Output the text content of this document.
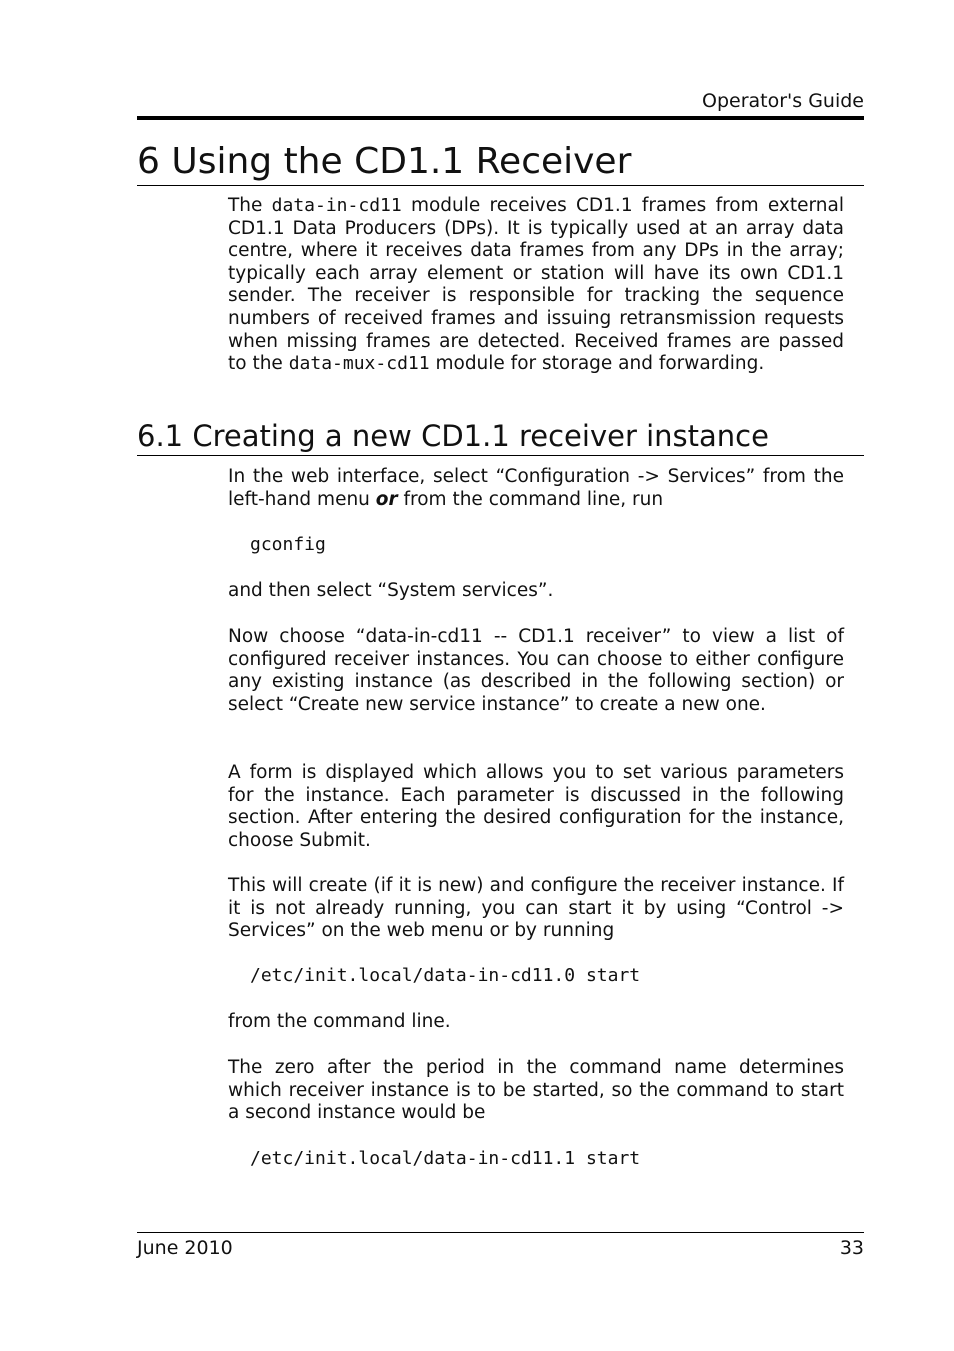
Operator's Guide
6 Using the CD1.1 Receiver

The data-in-cd11 module receives CD1.1 frames from external CD1.1 Data Producers (DPs). It is typically used at an array data centre, where it receives data frames from any DPs in the array; typically each array element or station will have its own CD1.1 sender. The receiver is responsible for tracking the sequence numbers of received frames and issuing retransmission requests when missing frames are detected. Received frames are passed to the data-mux-cd11 module for storage and forwarding.

6.1 Creating a new CD1.1 receiver instance

In the web interface, select “Configuration -> Services” from the left-hand menu or from the command line, run

gconfig

and then select “System services”.

Now choose “data-in-cd11 -- CD1.1 receiver” to view a list of configured receiver instances. You can choose to either configure any existing instance (as described in the following section) or select “Create new service instance” to create a new one.

A form is displayed which allows you to set various parameters for the instance. Each parameter is discussed in the following section. After entering the desired configuration for the instance, choose Submit.

This will create (if it is new) and configure the receiver instance. If it is not already running, you can start it by using “Control -> Services” on the web menu or by running

/etc/init.local/data-in-cd11.0 start

from the command line.

The zero after the period in the command name determines which receiver instance is to be started, so the command to start a second instance would be

/etc/init.local/data-in-cd11.1 start
June 2010	33
